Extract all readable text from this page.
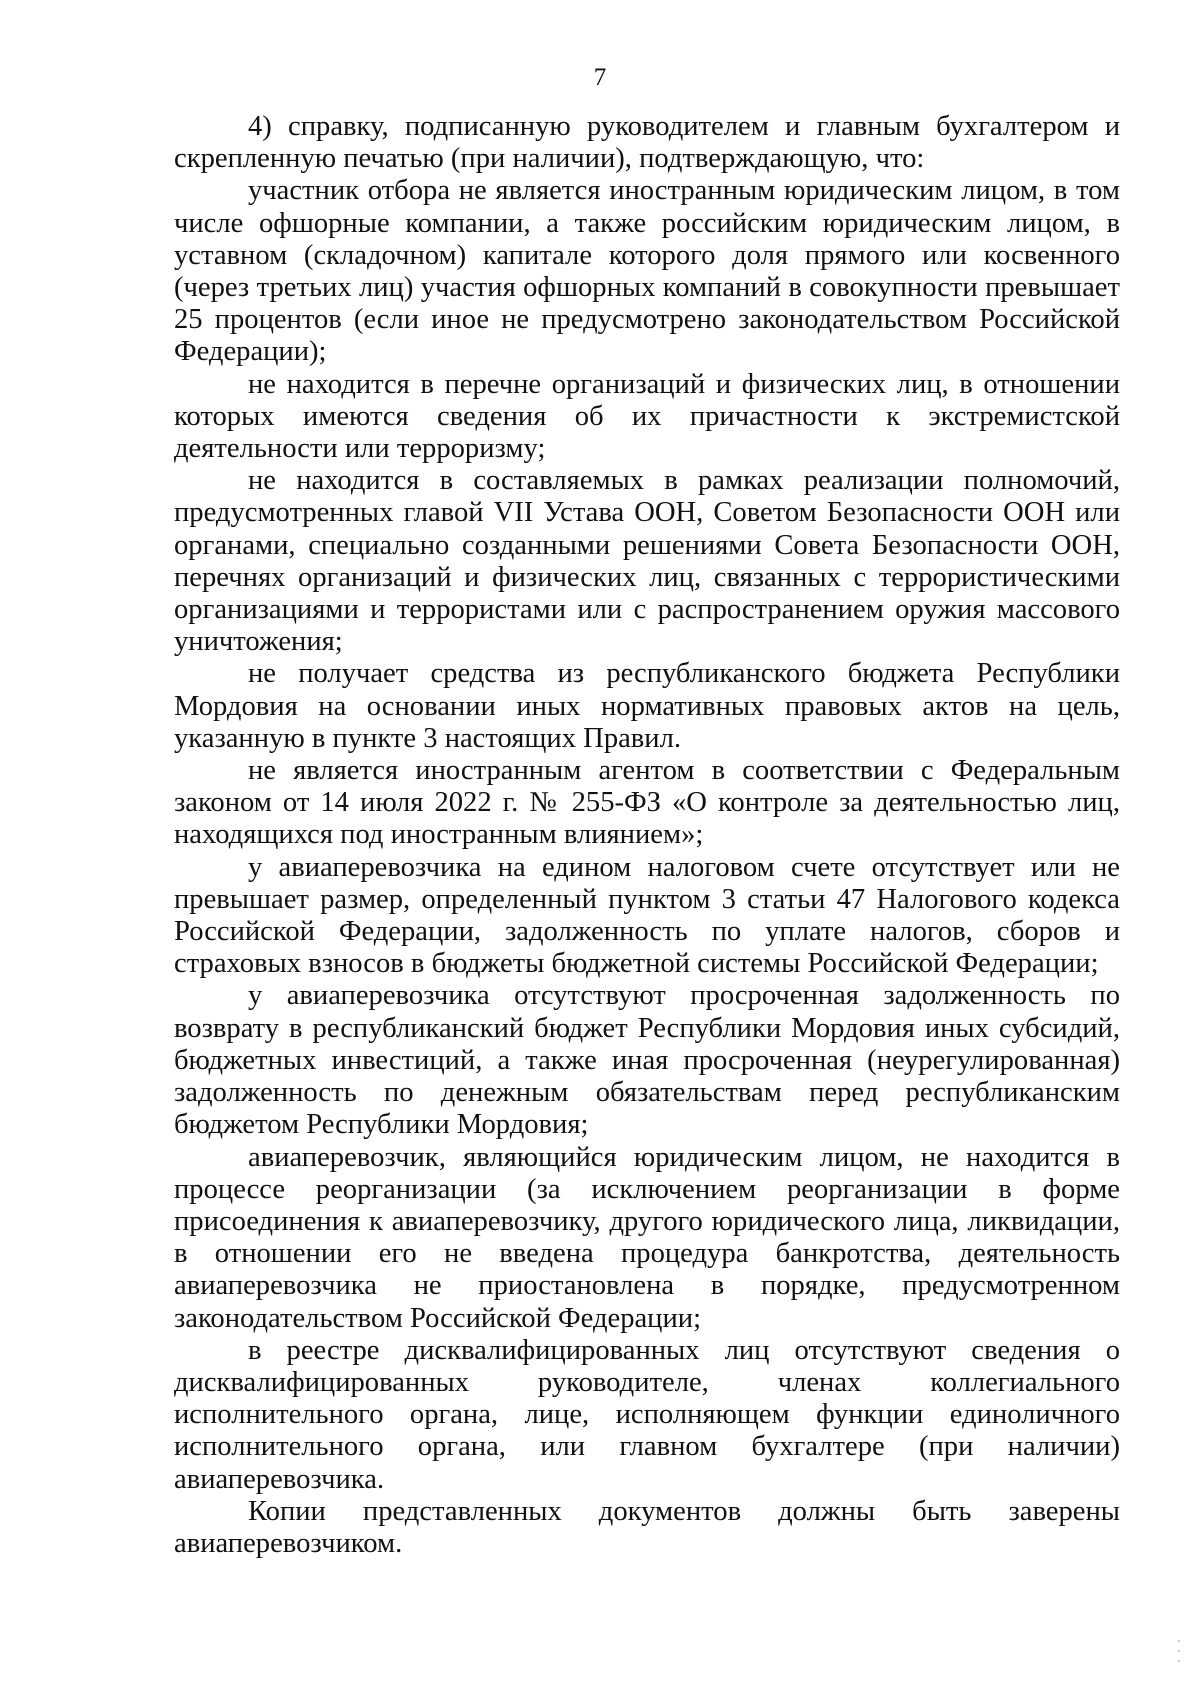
7

4) справку, подписанную руководителем и главным бухгалтером и скрепленную печатью (при наличии), подтверждающую, что:

участник отбора не является иностранным юридическим лицом, в том числе офшорные компании, а также российским юридическим лицом, в уставном (складочном) капитале которого доля прямого или косвенного (через третьих лиц) участия офшорных компаний в совокупности превышает 25 процентов (если иное не предусмотрено законодательством Российской Федерации);

не находится в перечне организаций и физических лиц, в отношении которых имеются сведения об их причастности к экстремистской деятельности или терроризму;

не находится в составляемых в рамках реализации полномочий, предусмотренных главой VII Устава ООН, Советом Безопасности ООН или органами, специально созданными решениями Совета Безопасности ООН, перечнях организаций и физических лиц, связанных с террористическими организациями и террористами или с распространением оружия массового уничтожения;

не получает средства из республиканского бюджета Республики Мордовия на основании иных нормативных правовых актов на цель, указанную в пункте 3 настоящих Правил.

не является иностранным агентом в соответствии с Федеральным законом от 14 июля 2022 г. № 255-ФЗ «О контроле за деятельностью лиц, находящихся под иностранным влиянием»;

у авиаперевозчика на едином налоговом счете отсутствует или не превышает размер, определенный пунктом 3 статьи 47 Налогового кодекса Российской Федерации, задолженность по уплате налогов, сборов и страховых взносов в бюджеты бюджетной системы Российской Федерации;

у авиаперевозчика отсутствуют просроченная задолженность по возврату в республиканский бюджет Республики Мордовия иных субсидий, бюджетных инвестиций, а также иная просроченная (неурегулированная) задолженность по денежным обязательствам перед республиканским бюджетом Республики Мордовия;

авиаперевозчик, являющийся юридическим лицом, не находится в процессе реорганизации (за исключением реорганизации в форме присоединения к авиаперевозчику, другого юридического лица, ликвидации, в отношении его не введена процедура банкротства, деятельность авиаперевозчика не приостановлена в порядке, предусмотренном законодательством Российской Федерации;

в реестре дисквалифицированных лиц отсутствуют сведения о дисквалифицированных руководителе, членах коллегиального исполнительного органа, лице, исполняющем функции единоличного исполнительного органа, или главном бухгалтере (при наличии) авиаперевозчика.

Копии представленных документов должны быть заверены авиаперевозчиком.
